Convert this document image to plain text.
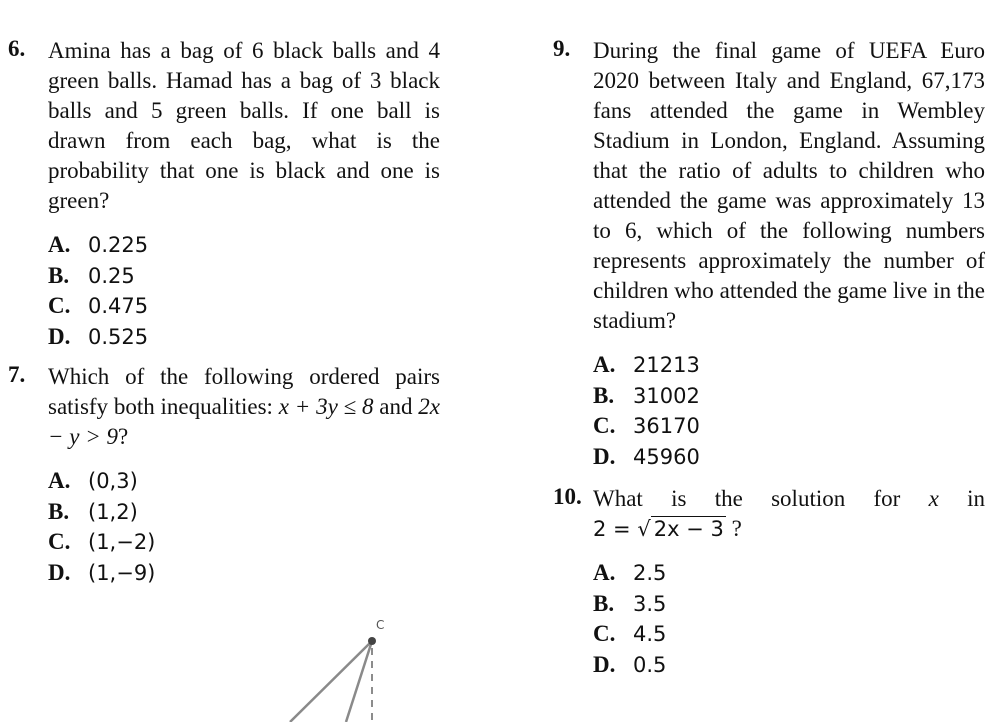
6. Amina has a bag of 6 black balls and 4 green balls. Hamad has a bag of 3 black balls and 5 green balls. If one ball is drawn from each bag, what is the probability that one is black and one is green?

A. 0.225
B. 0.25
C. 0.475
D. 0.525
7. Which of the following ordered pairs satisfy both inequalities: x + 3y ≤ 8 and 2x − y > 9?

A. (0,3)
B. (1,2)
C. (1,−2)
D. (1,−9)
C
9. During the final game of UEFA Euro 2020 between Italy and England, 67,173 fans attended the game in Wembley Stadium in London, England. Assuming that the ratio of adults to children who attended the game was approximately 13 to 6, which of the following numbers represents approximately the number of children who attended the game live in the stadium?

A. 21213
B. 31002
C. 36170
D. 45960
10. What is the solution for x in

2 = √ 2x − 3 ?

A. 2.5
B. 3.5
C. 4.5
D. 0.5
